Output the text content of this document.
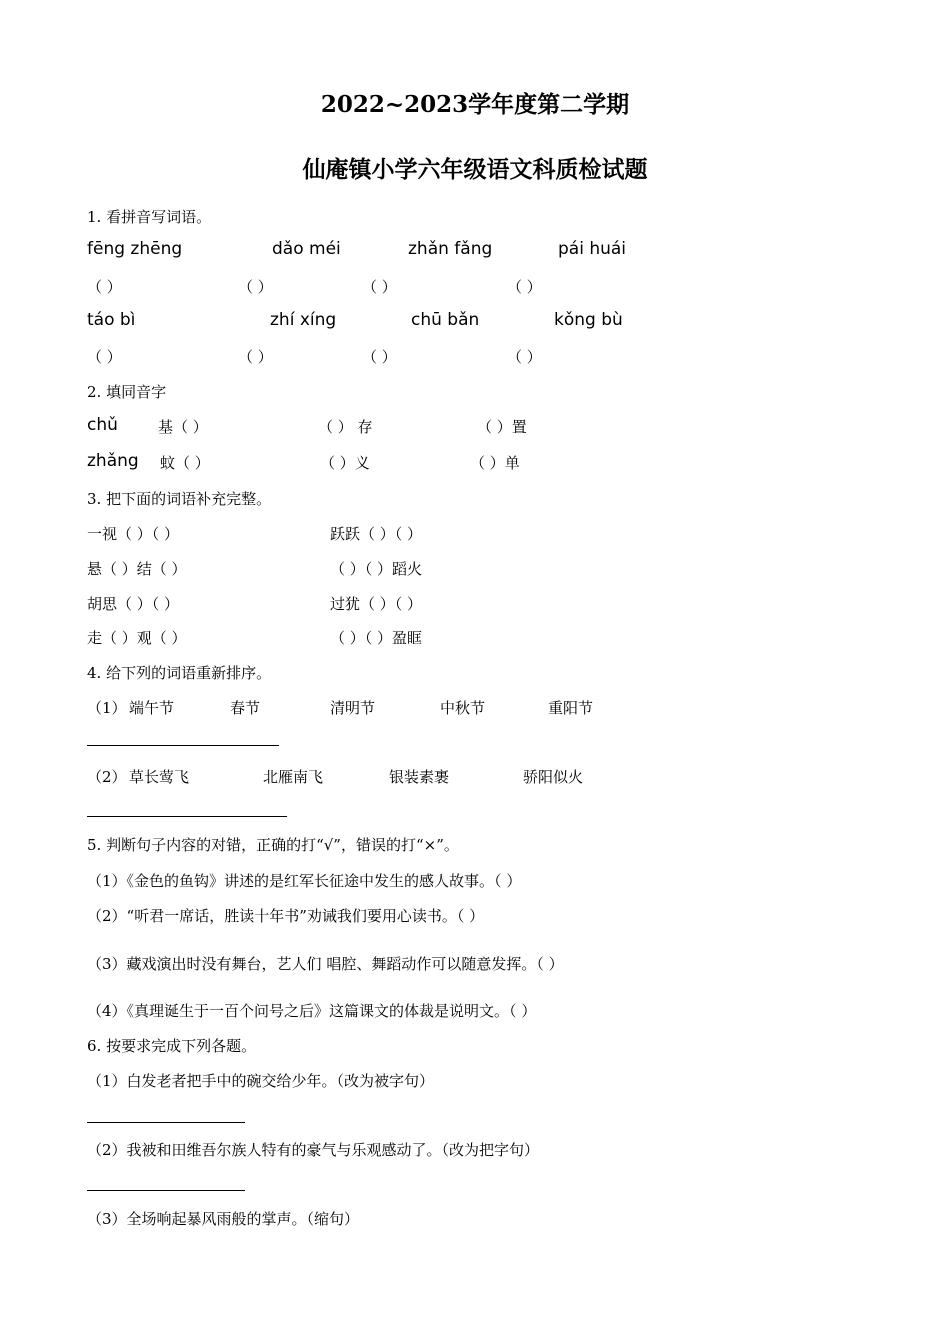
2022~2023学年度第二学期
仙庵镇小学六年级语文科质检试题
1. 看拼音写词语。
fēng zhēng	dǎo méi	zhǎn fǎng	pái huái
（ ）	（ ）	（ ）	（ ）
táo bì	zhí xíng	chū bǎn	kǒng bù
（ ）	（ ）	（ ）	（ ）
2. 填同音字
chǔ	基（ ）	（ ） 存	（ ）置
zhǎng 蚊（ ）	（ ）义	（ ）单
3. 把下面的词语补充完整。
一视（ ）（ ）	跃跃（ ）（ ）
悬（ ）结（ ）	（ ）（ ）蹈火
胡思（ ）（ ）	过犹（ ）（ ）
走（ ）观（ ）	（ ）（ ）盈眶
4. 给下列的词语重新排序。
（1） 端午节	春节	清明节	中秋节	重阳节
（2） 草长莺飞	北雁南飞	银装素裹	骄阳似火
5. 判断句子内容的对错，正确的打“√”，错误的打“×”。
（1）《金色的鱼钩》讲述的是红军长征途中发生的感人故事。（ ）
（2）“听君一席话，胜读十年书”劝诫我们要用心读书。（ ）
（3）藏戏演出时没有舞台，艺人们 唱腔、舞蹈动作可以随意发挥。（ ）
（4）《真理诞生于一百个问号之后》这篇课文的体裁是说明文。（ ）
6. 按要求完成下列各题。
（1）白发老者把手中的碗交给少年。（改为被字句）
（2）我被和田维吾尔族人特有的豪气与乐观感动了。（改为把字句）
（3）全场响起暴风雨般的掌声。（缩句）
